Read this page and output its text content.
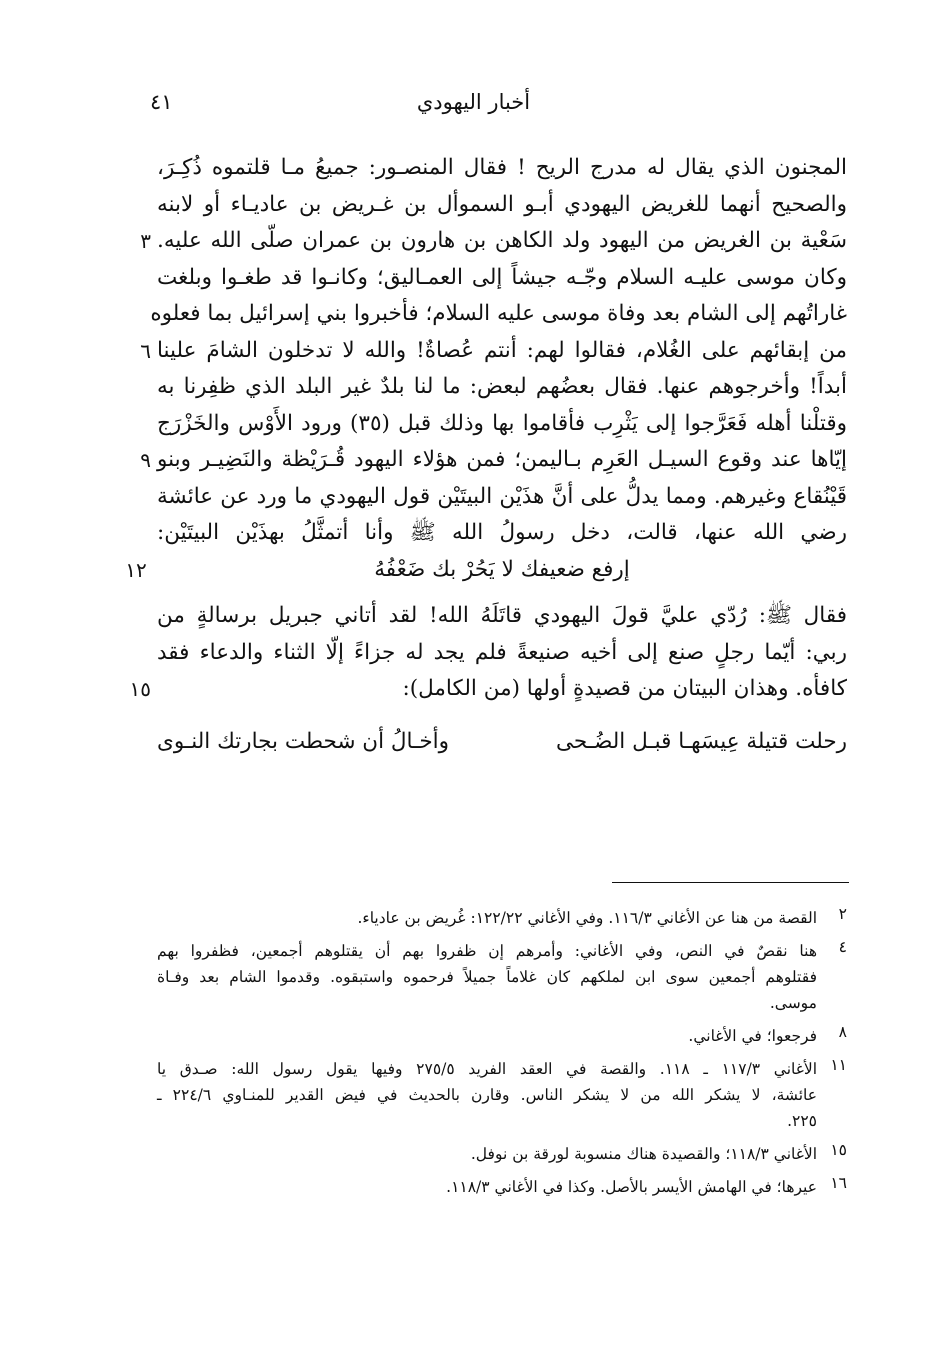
أخبار اليهودي
٤١
المجنون الذي يقال له مدرج الريح ! فقال المنصـور: جميعُ مـا قلتموه ذُكِـرَ،
والصحيح أنهما للغريض اليهودي أبـو السموأل بن غـريض بن عاديـاء أو لابنه
سَعْية بن الغريض من اليهود ولد الكاهن بن هارون بن عمران صلّى الله عليه.
٣
وكان موسى عليـه السلام وجّـه جيشاً إلى العمـاليق؛ وكانـوا قد طغـوا وبلغت
غاراتُهم إلى الشام بعد وفاة موسى عليه السلام؛ فأخبروا بني إسرائيل بما فعلوه
من إبقائهم على الغُلام، فقالوا لهم: أنتم عُصاةٌ! والله لا تدخلون الشامَ علينا
٦
أبداً! وأخرجوهم عنها. فقال بعضُهم لبعض: ما لنا بلدٌ غير البلد الذي ظفِرنا به
وقتلْنا أهله فَعَرَّجوا إلى يَثْرِب فأقاموا بها وذلك قبل (٣٥) ورود الأَوْس والخَزْرَج
إيّاها عند وقوع السيـل العَرِم بـاليمن؛ فمن هؤلاء اليهود قُـرَيْظة والنَضِيـر وبنو
٩
قَيْنُقاع وغيرهم. ومما يدلُّ على أنَّ هذَيْن البيتَيْن قول اليهودي ما ورد عن عائشة
رضي الله عنها، قالت، دخل رسولُ الله ﷺ وأنا أتمثَّلُ بهذَيْن البيتَيْن:
إرفع ضعيفك لا يَحُرْ بك ضَعْفُهُ
١٢
فقال ﷺ: رُدّي عليَّ قولَ اليهودي قاتَلَهُ الله! لقد أتاني جبريل برسالةٍ من
ربي: أيّما رجلٍ صنع إلى أخيه صنيعةً فلم يجد له جزاءً إلّا الثناء والدعاء فقد
كافأه. وهذان البيتان من قصيدةٍ أولها (من الكامل):
١٥
رحلت قتيلة عِيسَهـا قبـل الضُـحى
وأخـالُ أن شحطت بجارتك النـوى
٢
القصة من هنا عن الأغاني ١١٦/٣. وفي الأغاني ١٢٢/٢٢: غُريض بن عادياء.
٤
هنا نقصٌ في النص، وفي الأغاني: وأمرهم إن ظفروا بهم أن يقتلوهم أجمعين، فظفروا بهم
فقتلوهم أجمعين سوى ابن لملكهم كان غلاماً جميلاً فرحموه واستبقوه. وقدموا الشام بعد وفـاة
موسى.
٨
فرجعوا؛ في الأغاني.
١١
الأغاني ١١٧/٣ ـ ١١٨. والقصة في العقد الفريد ٢٧٥/٥ وفيها يقول رسول الله: صـدق يا
عائشة، لا يشكر الله من لا يشكر الناس. وقارن بالحديث في فيض القدير للمنـاوي ٢٢٤/٦ ـ
٢٢٥.
١٥
الأغاني ١١٨/٣؛ والقصيدة هناك منسوبة لورقة بن نوفل.
١٦
عيرها؛ في الهامش الأيسر بالأصل. وكذا في الأغاني ١١٨/٣.
